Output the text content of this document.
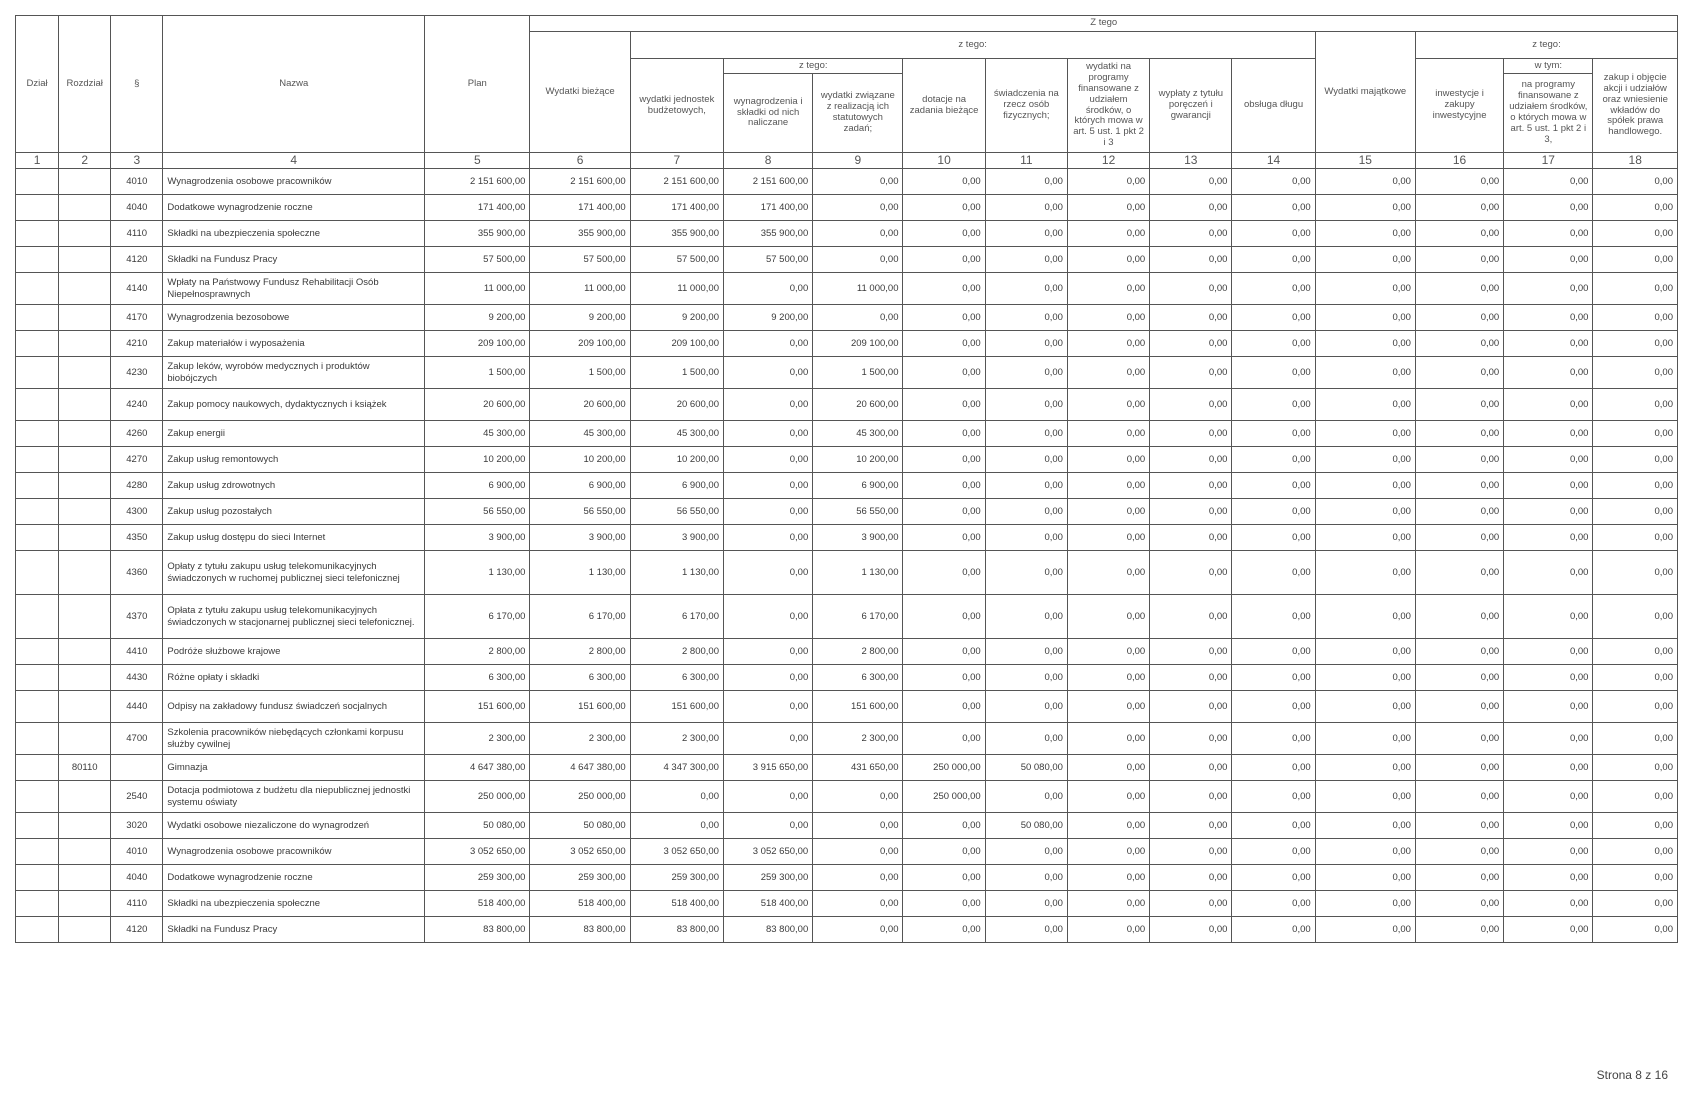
Dział	Rozdział	§	Nazwa	Plan	Z tego												
					Wydatki bieżące	z tego:								Wydatki majątkowe	z tego:		
						wydatki jednostek budżetowych,	z tego:		dotacje na zadania bieżące	świadczenia na rzecz osób fizycznych;	wydatki na programy finansowane z udziałem środków, o których mowa w art. 5 ust. 1 pkt 2 i 3	wypłaty z tytułu poręczeń i gwarancji	obsługa długu		inwestycje i zakupy inwestycyjne	w tym:	zakup i objęcie akcji i udziałów oraz wniesienie wkładów do spółek prawa handlowego.
							wynagrodzenia i składki od nich naliczane	wydatki związane z realizacją ich statutowych zadań;								na programy finansowane z udziałem środków, o których mowa w art. 5 ust. 1 pkt 2 i 3,	

1	2	3	4	5	6	7	8	9	10	11	12	13	14	15	16	17	18
		4010	Wynagrodzenia osobowe pracowników	2 151 600,00	2 151 600,00	2 151 600,00	2 151 600,00	0,00	0,00	0,00	0,00	0,00	0,00	0,00	0,00	0,00	0,00
		4040	Dodatkowe wynagrodzenie roczne	171 400,00	171 400,00	171 400,00	171 400,00	0,00	0,00	0,00	0,00	0,00	0,00	0,00	0,00	0,00	0,00
		4110	Składki na ubezpieczenia społeczne	355 900,00	355 900,00	355 900,00	355 900,00	0,00	0,00	0,00	0,00	0,00	0,00	0,00	0,00	0,00	0,00
		4120	Składki na Fundusz Pracy	57 500,00	57 500,00	57 500,00	57 500,00	0,00	0,00	0,00	0,00	0,00	0,00	0,00	0,00	0,00	0,00
		4140	Wpłaty na Państwowy Fundusz Rehabilitacji Osób Niepełnosprawnych	11 000,00	11 000,00	11 000,00	0,00	11 000,00	0,00	0,00	0,00	0,00	0,00	0,00	0,00	0,00	0,00
		4170	Wynagrodzenia bezosobowe	9 200,00	9 200,00	9 200,00	9 200,00	0,00	0,00	0,00	0,00	0,00	0,00	0,00	0,00	0,00	0,00
		4210	Zakup materiałów i wyposażenia	209 100,00	209 100,00	209 100,00	0,00	209 100,00	0,00	0,00	0,00	0,00	0,00	0,00	0,00	0,00	0,00
		4230	Zakup leków, wyrobów medycznych i produktów biobójczych	1 500,00	1 500,00	1 500,00	0,00	1 500,00	0,00	0,00	0,00	0,00	0,00	0,00	0,00	0,00	0,00
		4240	Zakup pomocy naukowych, dydaktycznych i książek	20 600,00	20 600,00	20 600,00	0,00	20 600,00	0,00	0,00	0,00	0,00	0,00	0,00	0,00	0,00	0,00
		4260	Zakup energii	45 300,00	45 300,00	45 300,00	0,00	45 300,00	0,00	0,00	0,00	0,00	0,00	0,00	0,00	0,00	0,00
		4270	Zakup usług remontowych	10 200,00	10 200,00	10 200,00	0,00	10 200,00	0,00	0,00	0,00	0,00	0,00	0,00	0,00	0,00	0,00
		4280	Zakup usług zdrowotnych	6 900,00	6 900,00	6 900,00	0,00	6 900,00	0,00	0,00	0,00	0,00	0,00	0,00	0,00	0,00	0,00
		4300	Zakup usług pozostałych	56 550,00	56 550,00	56 550,00	0,00	56 550,00	0,00	0,00	0,00	0,00	0,00	0,00	0,00	0,00	0,00
		4350	Zakup usług dostępu do sieci Internet	3 900,00	3 900,00	3 900,00	0,00	3 900,00	0,00	0,00	0,00	0,00	0,00	0,00	0,00	0,00	0,00
		4360	Opłaty z tytułu zakupu usług telekomunikacyjnych świadczonych w ruchomej publicznej sieci telefonicznej	1 130,00	1 130,00	1 130,00	0,00	1 130,00	0,00	0,00	0,00	0,00	0,00	0,00	0,00	0,00	0,00
		4370	Opłata z tytułu zakupu usług telekomunikacyjnych świadczonych w stacjonarnej publicznej sieci telefonicznej.	6 170,00	6 170,00	6 170,00	0,00	6 170,00	0,00	0,00	0,00	0,00	0,00	0,00	0,00	0,00	0,00
		4410	Podróże służbowe krajowe	2 800,00	2 800,00	2 800,00	0,00	2 800,00	0,00	0,00	0,00	0,00	0,00	0,00	0,00	0,00	0,00
		4430	Różne opłaty i składki	6 300,00	6 300,00	6 300,00	0,00	6 300,00	0,00	0,00	0,00	0,00	0,00	0,00	0,00	0,00	0,00
		4440	Odpisy na zakładowy fundusz świadczeń socjalnych	151 600,00	151 600,00	151 600,00	0,00	151 600,00	0,00	0,00	0,00	0,00	0,00	0,00	0,00	0,00	0,00
		4700	Szkolenia pracowników niebędących członkami korpusu służby cywilnej	2 300,00	2 300,00	2 300,00	0,00	2 300,00	0,00	0,00	0,00	0,00	0,00	0,00	0,00	0,00	0,00
	80110		Gimnazja	4 647 380,00	4 647 380,00	4 347 300,00	3 915 650,00	431 650,00	250 000,00	50 080,00	0,00	0,00	0,00	0,00	0,00	0,00	0,00
		2540	Dotacja podmiotowa z budżetu dla niepublicznej jednostki systemu oświaty	250 000,00	250 000,00	0,00	0,00	0,00	250 000,00	0,00	0,00	0,00	0,00	0,00	0,00	0,00	0,00
		3020	Wydatki osobowe niezaliczone do wynagrodzeń	50 080,00	50 080,00	0,00	0,00	0,00	0,00	50 080,00	0,00	0,00	0,00	0,00	0,00	0,00	0,00
		4010	Wynagrodzenia osobowe pracowników	3 052 650,00	3 052 650,00	3 052 650,00	3 052 650,00	0,00	0,00	0,00	0,00	0,00	0,00	0,00	0,00	0,00	0,00
		4040	Dodatkowe wynagrodzenie roczne	259 300,00	259 300,00	259 300,00	259 300,00	0,00	0,00	0,00	0,00	0,00	0,00	0,00	0,00	0,00	0,00
		4110	Składki na ubezpieczenia społeczne	518 400,00	518 400,00	518 400,00	518 400,00	0,00	0,00	0,00	0,00	0,00	0,00	0,00	0,00	0,00	0,00
		4120	Składki na Fundusz Pracy	83 800,00	83 800,00	83 800,00	83 800,00	0,00	0,00	0,00	0,00	0,00	0,00	0,00	0,00	0,00	0,00
Strona 8 z 16
